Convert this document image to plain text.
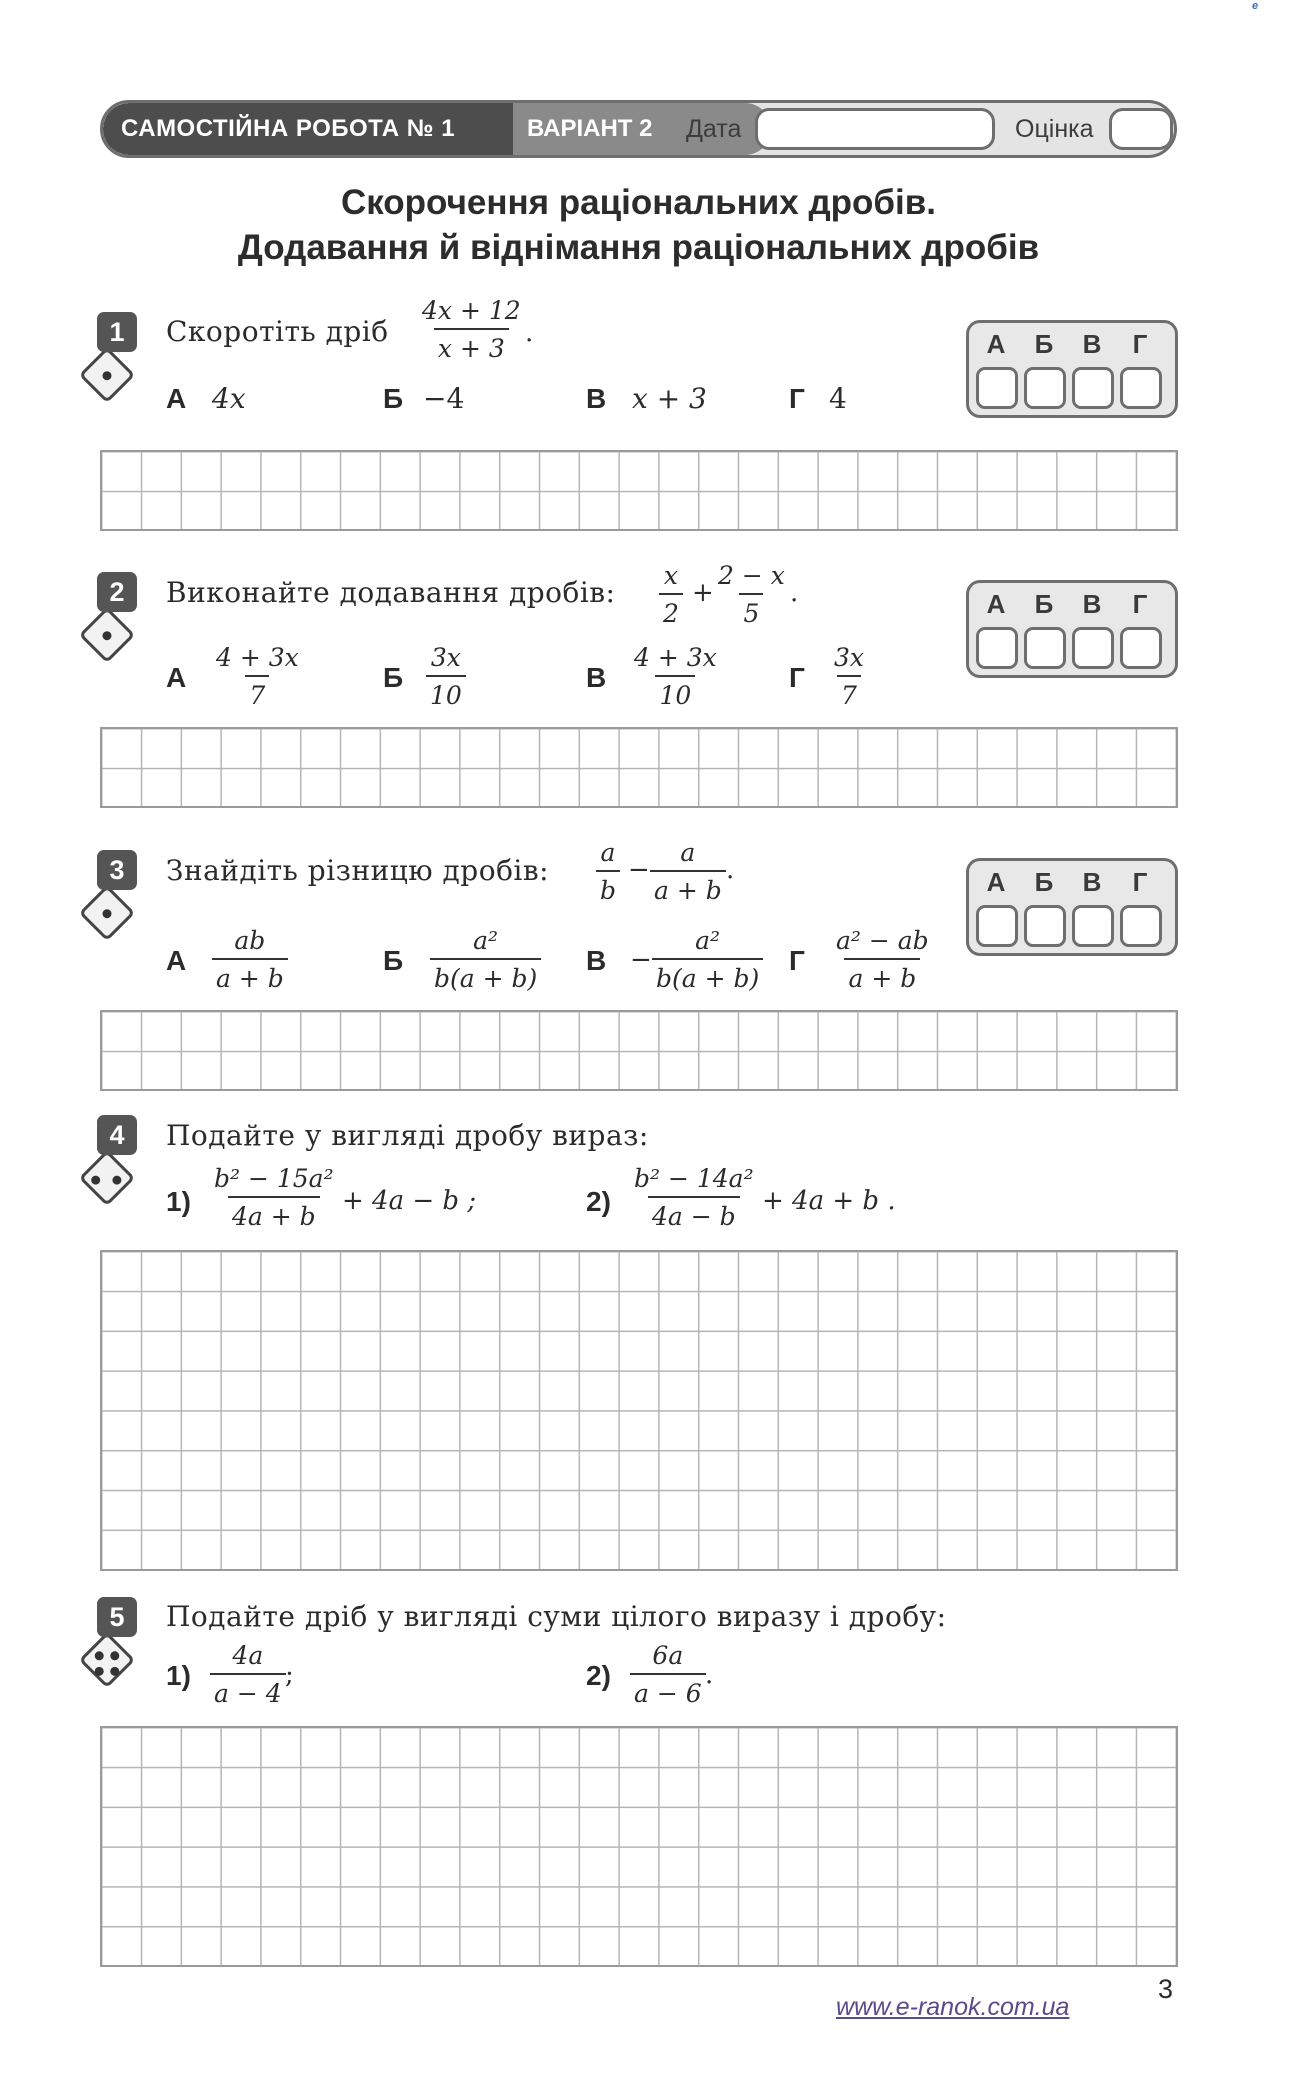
e
САМОСТІЙНА РОБОТА № 1	ВАРІАНТ 2	Дата	Оцінка
Скорочення раціональних дробів.
Додавання й віднімання раціональних дробів
1	Скоротіть дріб $\frac{4x + 12}{x + 3}$ .
А 4x	Б −4	В x + 3	Г 4
А	Б	В	Г
2	Виконайте додавання дробів: $\frac{x}{2} + \frac{2 - x}{5}$ .
А $\frac{4 + 3x}{7}$	Б $\frac{3x}{10}$	В $\frac{4 + 3x}{10}$ Г $\frac{3x}{7}$
А	Б	В	Г
3	Знайдіть різницю дробів: $\frac{a}{b} - \frac{a}{a + b}$ .
А $\frac{ab}{a + b}$	Б $\frac{\text{a²}}{b(a + b)}$ $В - \frac{\text{a²}}{b(a + b)}$ Г $\frac{\text{a² − ab}}{a + b}$
А	Б	В	Г
4	Подайте у вигляді дробу вираз:
$1) \frac{\text{b² − 15a²}}{4a + b} + 4a - b$ ;	$2) \frac{\text{b² − 14a²}}{4a - b} + 4a + b$ .
5	Подайте дріб у вигляді суми цілого виразу і дробу:
$1) \frac{4a}{a - 4}$ ;	$2) \frac{6a}{a - 6}$ .
3
www.e-ranok.com.ua
